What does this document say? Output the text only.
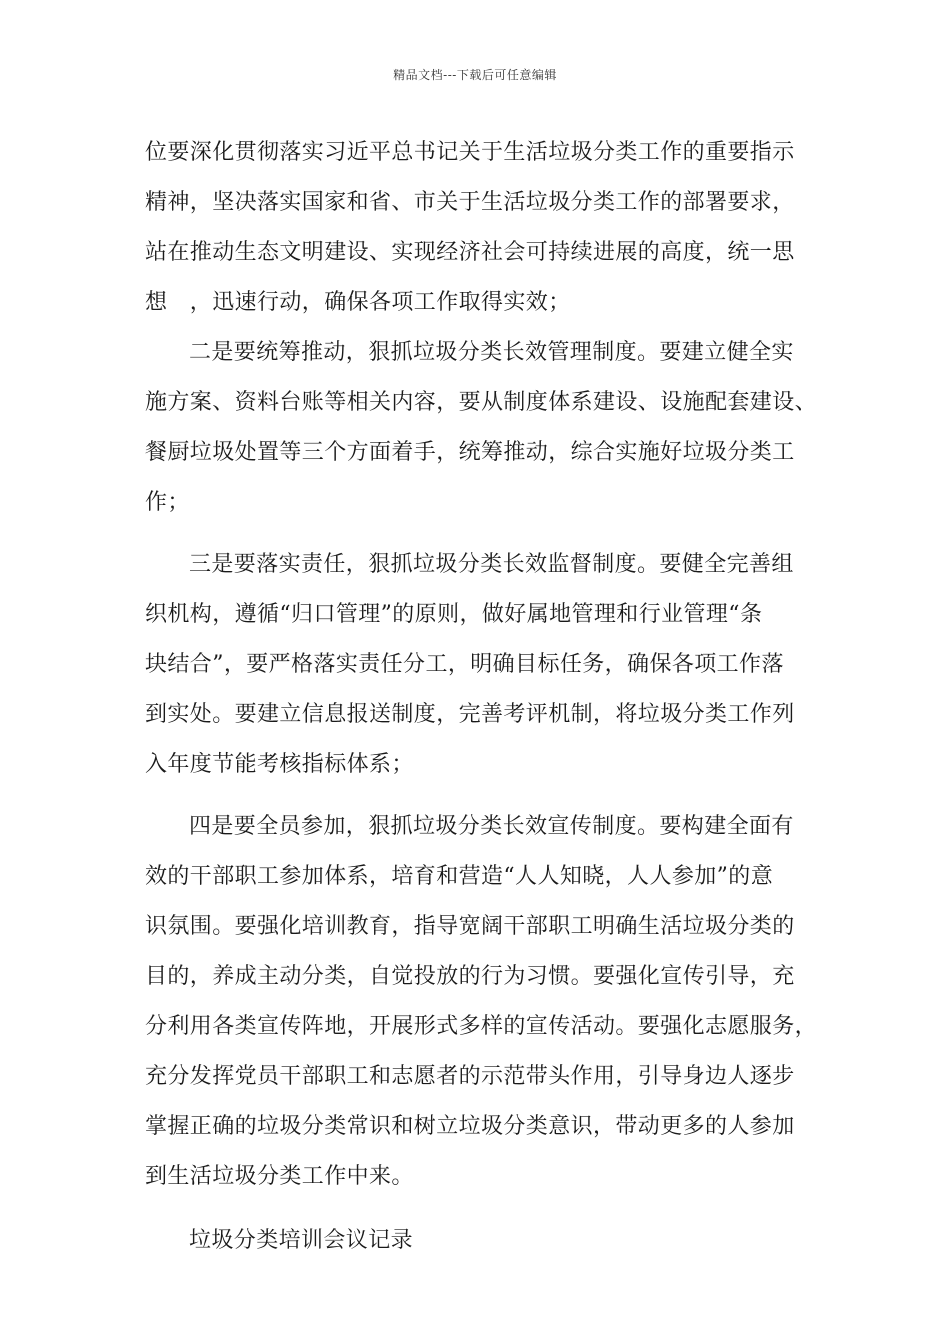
精品文档---下载后可任意编辑
位要深化贯彻落实习近平总书记关于生活垃圾分类工作的重要指示
精神，坚决落实国家和省、市关于生活垃圾分类工作的部署要求，
站在推动生态文明建设、实现经济社会可持续进展的高度，统一思
想　，迅速行动，确保各项工作取得实效；
二是要统筹推动，狠抓垃圾分类长效管理制度。要建立健全实
施方案、资料台账等相关内容，要从制度体系建设、设施配套建设、
餐厨垃圾处置等三个方面着手，统筹推动，综合实施好垃圾分类工
作；
三是要落实责任，狠抓垃圾分类长效监督制度。要健全完善组
织机构，遵循“归口管理”的原则，做好属地管理和行业管理“条
块结合”，要严格落实责任分工，明确目标任务，确保各项工作落
到实处。要建立信息报送制度，完善考评机制，将垃圾分类工作列
入年度节能考核指标体系；
四是要全员参加，狠抓垃圾分类长效宣传制度。要构建全面有
效的干部职工参加体系，培育和营造“人人知晓，人人参加”的意
识氛围。要强化培训教育，指导宽阔干部职工明确生活垃圾分类的
目的，养成主动分类，自觉投放的行为习惯。要强化宣传引导，充
分利用各类宣传阵地，开展形式多样的宣传活动。要强化志愿服务，
充分发挥党员干部职工和志愿者的示范带头作用，引导身边人逐步
掌握正确的垃圾分类常识和树立垃圾分类意识，带动更多的人参加
到生活垃圾分类工作中来。
垃圾分类培训会议记录
